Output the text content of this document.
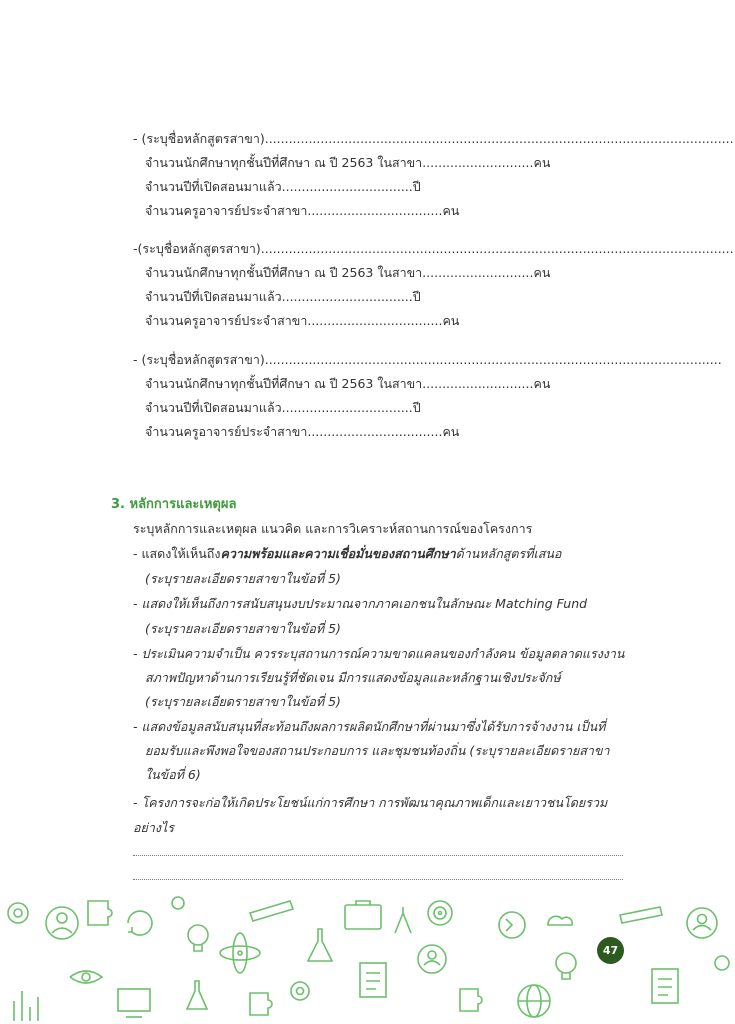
- (ระบุชื่อหลักสูตรสาขา)......................................................................................................................
จำนวนนักศึกษาทุกชั้นปีที่ศึกษา ณ ปี 2563 ในสาขา............................คน
จำนวนปีที่เปิดสอนมาแล้ว.................................ปี
จำนวนครูอาจารย์ประจำสาขา..................................คน
-(ระบุชื่อหลักสูตรสาขา).......................................................................................................................
จำนวนนักศึกษาทุกชั้นปีที่ศึกษา ณ ปี 2563 ในสาขา............................คน
จำนวนปีที่เปิดสอนมาแล้ว.................................ปี
จำนวนครูอาจารย์ประจำสาขา..................................คน
- (ระบุชื่อหลักสูตรสาขา)...................................................................................................................
จำนวนนักศึกษาทุกชั้นปีที่ศึกษา ณ ปี 2563 ในสาขา............................คน
จำนวนปีที่เปิดสอนมาแล้ว.................................ปี
จำนวนครูอาจารย์ประจำสาขา..................................คน
3. หลักการและเหตุผล
ระบุหลักการและเหตุผล แนวคิด และการวิเคราะห์สถานการณ์ของโครงการ
- แสดงให้เห็นถึงความพร้อมและความเชื่อมั่นของสถานศึกษาด้านหลักสูตรที่เสนอ
(ระบุรายละเอียดรายสาขาในข้อที่ 5)
- แสดงให้เห็นถึงการสนับสนุนงบประมาณจากภาคเอกชนในลักษณะ Matching Fund
(ระบุรายละเอียดรายสาขาในข้อที่ 5)
- ประเมินความจำเป็น ควรระบุสถานการณ์ความขาดแคลนของกำลังคน ข้อมูลตลาดแรงงาน
สภาพปัญหาด้านการเรียนรู้ที่ชัดเจน มีการแสดงข้อมูลและหลักฐานเชิงประจักษ์
(ระบุรายละเอียดรายสาขาในข้อที่ 5)
- แสดงข้อมูลสนับสนุนที่สะท้อนถึงผลการผลิตนักศึกษาที่ผ่านมาซึ่งได้รับการจ้างงาน เป็นที่
ยอมรับและพึงพอใจของสถานประกอบการ และชุมชนท้องถิ่น (ระบุรายละเอียดรายสาขา
ในข้อที่ 6)
- โครงการจะก่อให้เกิดประโยชน์แก่การศึกษา การพัฒนาคุณภาพเด็กและเยาวชนโดยรวม
อย่างไร
47
